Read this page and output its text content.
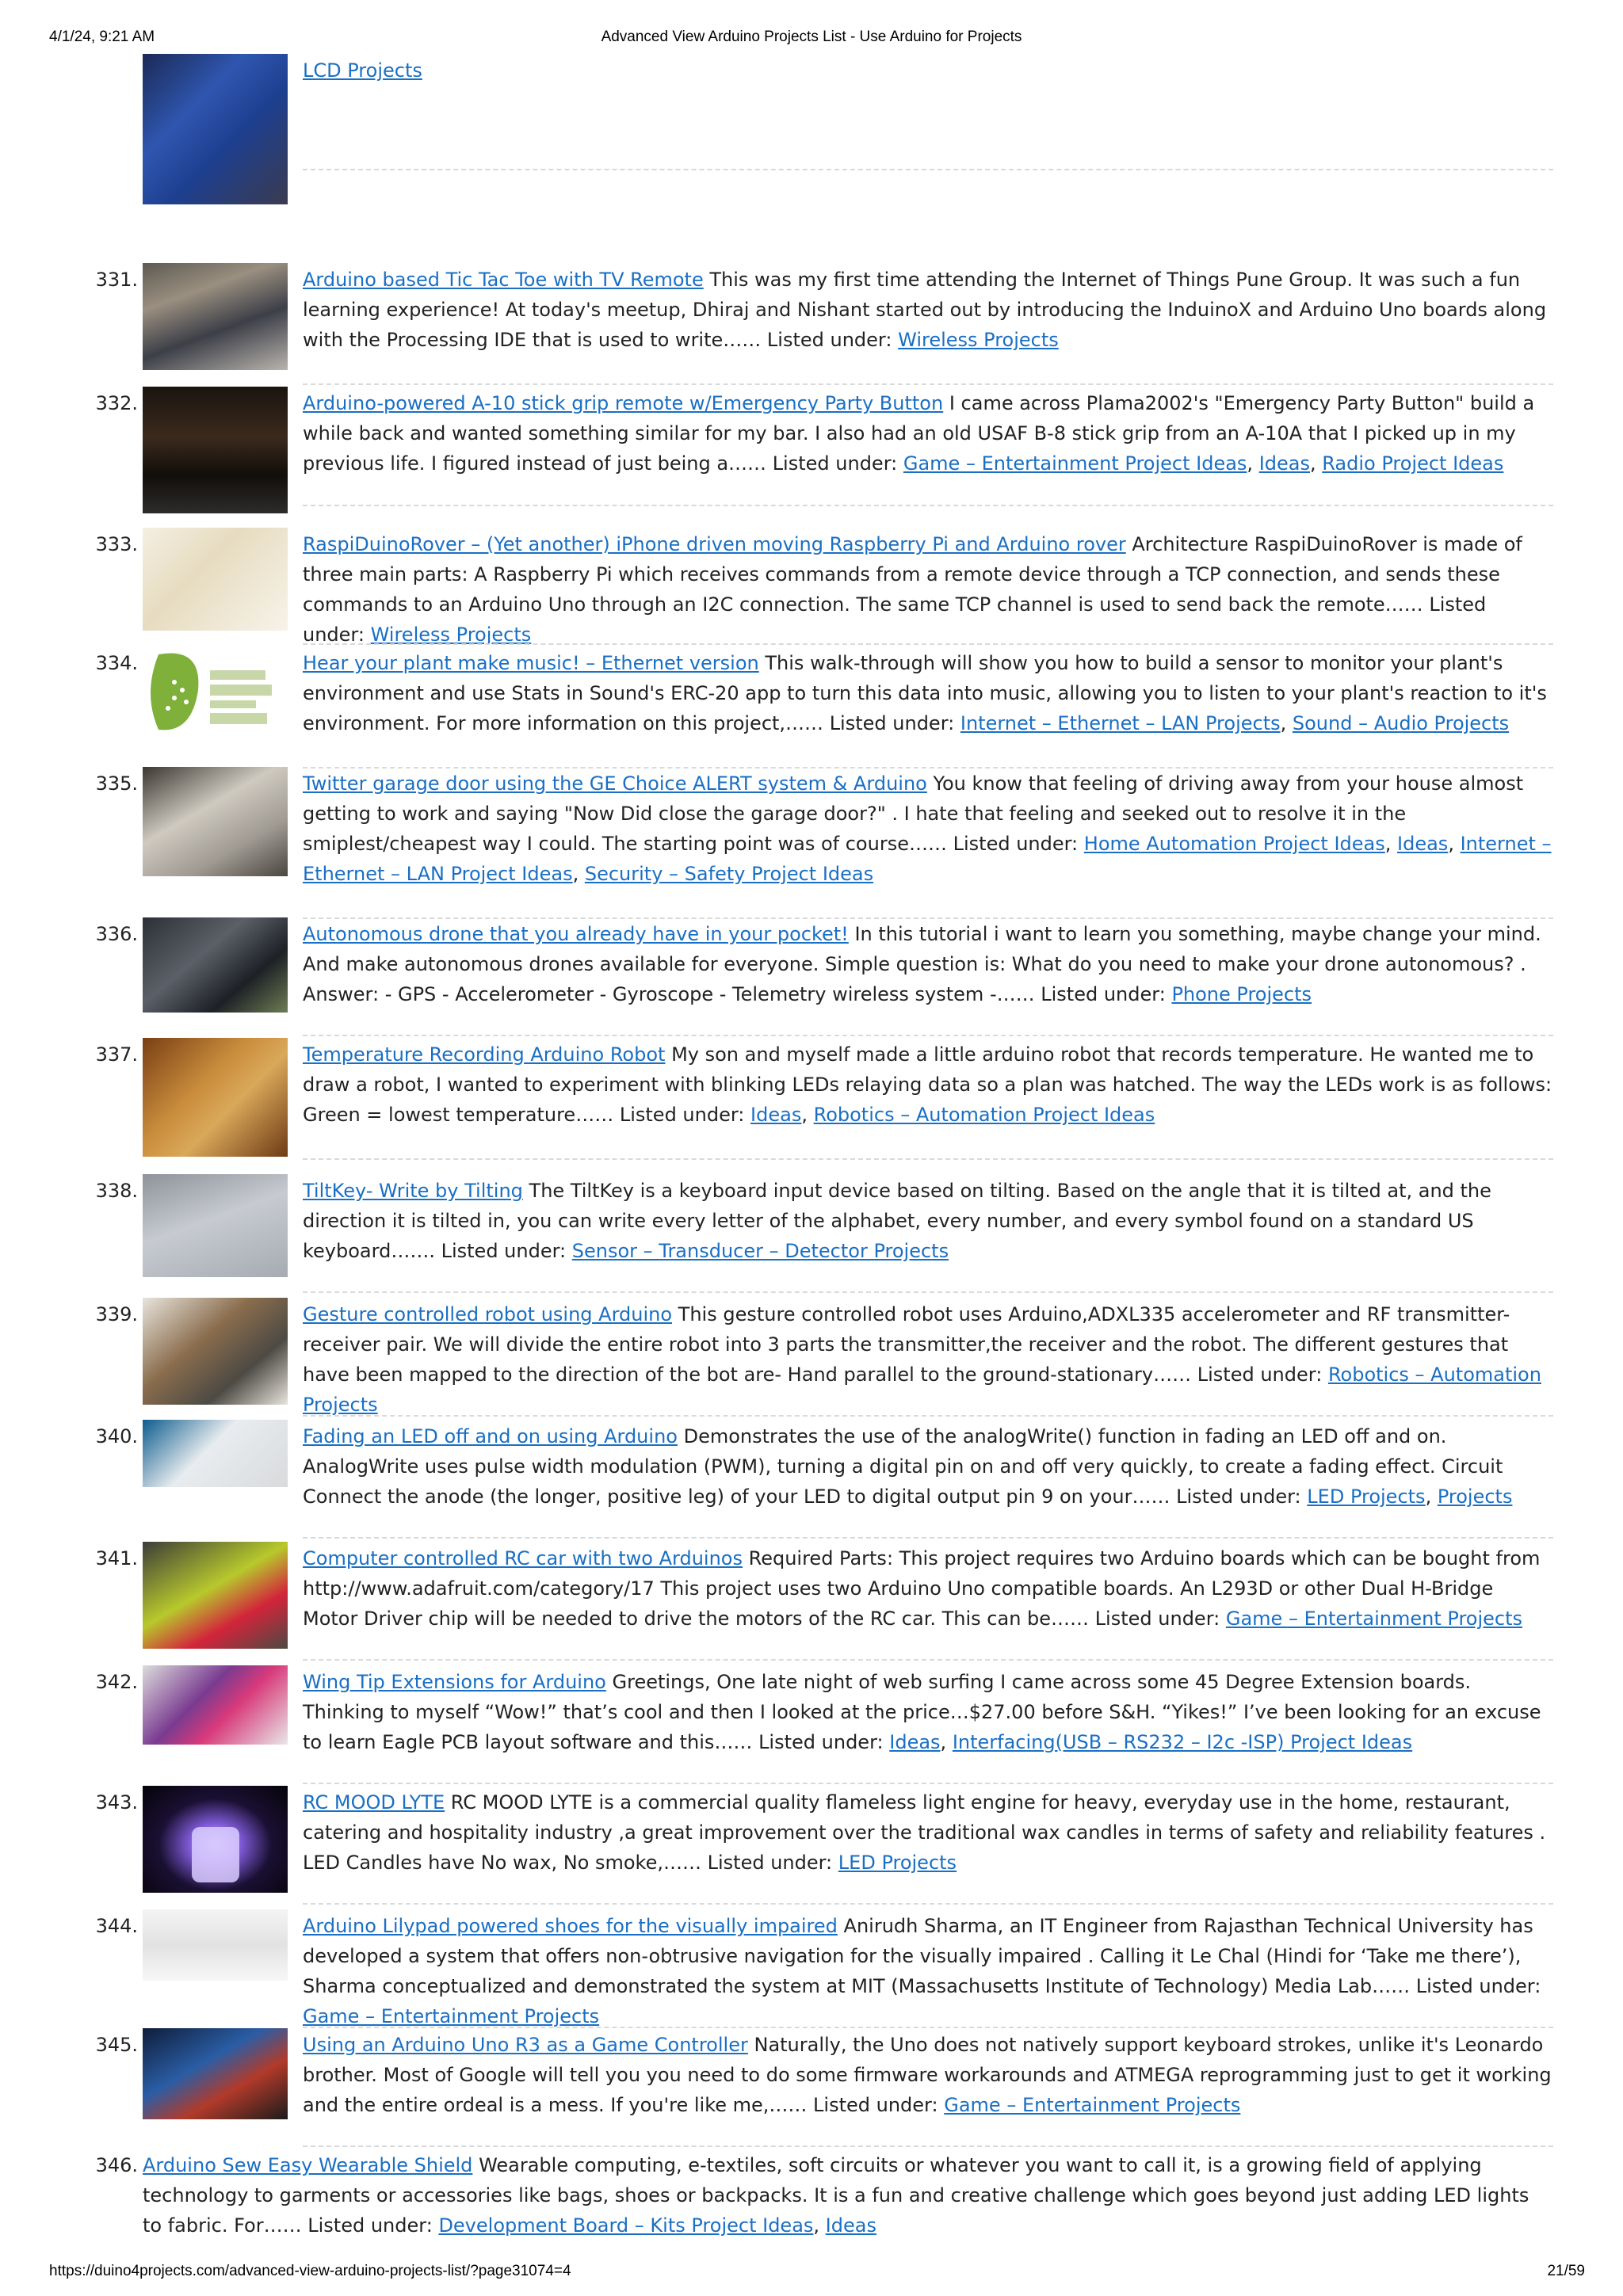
4/1/24, 9:21 AM	Advanced View Arduino Projects List - Use Arduino for Projects
LCD Projects
331.	Arduino based Tic Tac Toe with TV Remote This was my first time attending the Internet of Things Pune Group. It was such a fun learning experience! At today's meetup, Dhiraj and Nishant started out by introducing the InduinoX and Arduino Uno boards along with the Processing IDE that is used to write…… Listed under: Wireless Projects
332.	Arduino-powered A-10 stick grip remote w/Emergency Party Button I came across Plama2002's "Emergency Party Button" build a while back and wanted something similar for my bar. I also had an old USAF B-8 stick grip from an A-10A that I picked up in my previous life. I figured instead of just being a…… Listed under: Game – Entertainment Project Ideas, Ideas, Radio Project Ideas
333.	RaspiDuinoRover – (Yet another) iPhone driven moving Raspberry Pi and Arduino rover Architecture RaspiDuinoRover is made of three main parts: A Raspberry Pi which receives commands from a remote device through a TCP connection, and sends these commands to an Arduino Uno through an I2C connection. The same TCP channel is used to send back the remote…… Listed under: Wireless Projects
334.	Hear your plant make music! – Ethernet version This walk-through will show you how to build a sensor to monitor your plant's environment and use Stats in Sound's ERC-20 app to turn this data into music, allowing you to listen to your plant's reaction to it's environment. For more information on this project,…… Listed under: Internet – Ethernet – LAN Projects, Sound – Audio Projects
335.	Twitter garage door using the GE Choice ALERT system & Arduino You know that feeling of driving away from your house almost getting to work and saying "Now Did close the garage door?" . I hate that feeling and seeked out to resolve it in the smiplest/cheapest way I could. The starting point was of course…… Listed under: Home Automation Project Ideas, Ideas, Internet – Ethernet – LAN Project Ideas, Security – Safety Project Ideas
336.	Autonomous drone that you already have in your pocket! In this tutorial i want to learn you something, maybe change your mind. And make autonomous drones available for everyone. Simple question is: What do you need to make your drone autonomous? . Answer: - GPS - Accelerometer - Gyroscope - Telemetry wireless system -…… Listed under: Phone Projects
337.	Temperature Recording Arduino Robot My son and myself made a little arduino robot that records temperature. He wanted me to draw a robot, I wanted to experiment with blinking LEDs relaying data so a plan was hatched. The way the LEDs work is as follows: Green = lowest temperature…… Listed under: Ideas, Robotics – Automation Project Ideas
338.	TiltKey- Write by Tilting The TiltKey is a keyboard input device based on tilting. Based on the angle that it is tilted at, and the direction it is tilted in, you can write every letter of the alphabet, every number, and every symbol found on a standard US keyboard……. Listed under: Sensor – Transducer – Detector Projects
339.	Gesture controlled robot using Arduino This gesture controlled robot uses Arduino,ADXL335 accelerometer and RF transmitter-receiver pair. We will divide the entire robot into 3 parts the transmitter,the receiver and the robot. The different gestures that have been mapped to the direction of the bot are- Hand parallel to the ground-stationary…… Listed under: Robotics – Automation Projects
340.	Fading an LED off and on using Arduino Demonstrates the use of the analogWrite() function in fading an LED off and on. AnalogWrite uses pulse width modulation (PWM), turning a digital pin on and off very quickly, to create a fading effect. Circuit Connect the anode (the longer, positive leg) of your LED to digital output pin 9 on your…… Listed under: LED Projects, Projects
341.	Computer controlled RC car with two Arduinos Required Parts: This project requires two Arduino boards which can be bought from http://www.adafruit.com/category/17 This project uses two Arduino Uno compatible boards. An L293D or other Dual H-Bridge Motor Driver chip will be needed to drive the motors of the RC car. This can be…… Listed under: Game – Entertainment Projects
342.	Wing Tip Extensions for Arduino Greetings, One late night of web surfing I came across some 45 Degree Extension boards. Thinking to myself “Wow!” that’s cool and then I looked at the price…$27.00 before S&H. “Yikes!” I’ve been looking for an excuse to learn Eagle PCB layout software and this…… Listed under: Ideas, Interfacing(USB – RS232 – I2c -ISP) Project Ideas
343.	RC MOOD LYTE RC MOOD LYTE is a commercial quality flameless light engine for heavy, everyday use in the home, restaurant, catering and hospitality industry ,a great improvement over the traditional wax candles in terms of safety and reliability features . LED Candles have No wax, No smoke,…… Listed under: LED Projects
344.	Arduino Lilypad powered shoes for the visually impaired Anirudh Sharma, an IT Engineer from Rajasthan Technical University has developed a system that offers non-obtrusive navigation for the visually impaired . Calling it Le Chal (Hindi for ‘Take me there’), Sharma conceptualized and demonstrated the system at MIT (Massachusetts Institute of Technology) Media Lab…… Listed under: Game – Entertainment Projects
345.	Using an Arduino Uno R3 as a Game Controller Naturally, the Uno does not natively support keyboard strokes, unlike it's Leonardo brother. Most of Google will tell you you need to do some firmware workarounds and ATMEGA reprogramming just to get it working and the entire ordeal is a mess. If you're like me,…… Listed under: Game – Entertainment Projects
346. Arduino Sew Easy Wearable Shield Wearable computing, e-textiles, soft circuits or whatever you want to call it, is a growing field of applying technology to garments or accessories like bags, shoes or backpacks. It is a fun and creative challenge which goes beyond just adding LED lights to fabric. For…… Listed under: Development Board – Kits Project Ideas, Ideas
https://duino4projects.com/advanced-view-arduino-projects-list/?page31074=4	21/59
